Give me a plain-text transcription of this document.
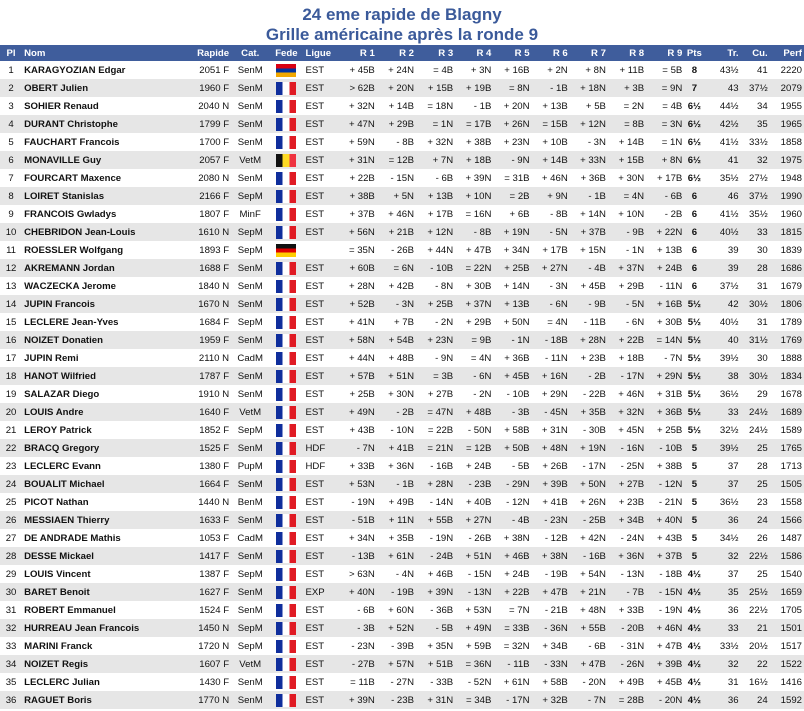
24 eme rapide de Blagny
Grille américaine après la ronde 9
Pl	Nom	Rapide	Cat.	Fede	Ligue	R 1	R 2	R 3	R 4	R 5	R 6	R 7	R 8	R 9	Pts	Tr.	Cu.	Perf
1	KARAGYOZIAN Edgar	2051 F	SenM		EST	+ 45B	+ 24N	= 4B	+ 3N	+ 16B	+ 2N	+ 8N	+ 11B	= 5B	8	43½	41	2220
2	OBERT Julien	1960 F	SenM		EST	> 62B	+ 20N	+ 15B	+ 19B	= 8N	- 1B	+ 18N	+ 3B	= 9N	7	43	37½	2079
3	SOHIER Renaud	2040 N	SenM		EST	+ 32N	+ 14B	= 18N	- 1B	+ 20N	+ 13B	+ 5B	= 2N	= 4B	6½	44½	34	1955
4	DURANT Christophe	1799 F	SenM		EST	+ 47N	+ 29B	= 1N	= 17B	+ 26N	= 15B	+ 12N	= 8B	= 3N	6½	42½	35	1965
5	FAUCHART Francois	1700 F	SenM		EST	+ 59N	- 8B	+ 32N	+ 38B	+ 23N	+ 10B	- 3N	+ 14B	= 1N	6½	41½	33½	1858
6	MONAVILLE Guy	2057 F	VetM		EST	+ 31N	= 12B	+ 7N	+ 18B	- 9N	+ 14B	+ 33N	+ 15B	+ 8N	6½	41	32	1975
7	FOURCART Maxence	2080 N	SenM		EST	+ 22B	- 15N	- 6B	+ 39N	= 31B	+ 46N	+ 36B	+ 30N	+ 17B	6½	35½	27½	1948
8	LOIRET Stanislas	2166 F	SepM		EST	+ 38B	+ 5N	+ 13B	+ 10N	= 2B	+ 9N	- 1B	= 4N	- 6B	6	46	37½	1990
9	FRANCOIS Gwladys	1807 F	MinF		EST	+ 37B	+ 46N	+ 17B	= 16N	+ 6B	- 8B	+ 14N	+ 10N	- 2B	6	41½	35½	1960
10	CHEBRIDON Jean-Louis	1610 N	SepM		EST	+ 56N	+ 21B	+ 12N	- 8B	+ 19N	- 5N	+ 37B	- 9B	+ 22N	6	40½	33	1815
11	ROESSLER Wolfgang	1893 F	SepM			= 35N	- 26B	+ 44N	+ 47B	+ 34N	+ 17B	+ 15N	- 1N	+ 13B	6	39	30	1839
12	AKREMANN Jordan	1688 F	SenM		EST	+ 60B	= 6N	- 10B	= 22N	+ 25B	+ 27N	- 4B	+ 37N	+ 24B	6	39	28	1686
13	WACZECKA Jerome	1840 N	SenM		EST	+ 28N	+ 42B	- 8N	+ 30B	+ 14N	- 3N	+ 45B	+ 29B	- 11N	6	37½	31	1679
14	JUPIN Francois	1670 N	SenM		EST	+ 52B	- 3N	+ 25B	+ 37N	+ 13B	- 6N	- 9B	- 5N	+ 16B	5½	42	30½	1806
15	LECLERE Jean-Yves	1684 F	SepM		EST	+ 41N	+ 7B	- 2N	+ 29B	+ 50N	= 4N	- 11B	- 6N	+ 30B	5½	40½	31	1789
16	NOIZET Donatien	1959 F	SenM		EST	+ 58N	+ 54B	+ 23N	= 9B	- 1N	- 18B	+ 28N	+ 22B	= 14N	5½	40	31½	1769
17	JUPIN Remi	2110 N	CadM		EST	+ 44N	+ 48B	- 9N	= 4N	+ 36B	- 11N	+ 23B	+ 18B	- 7N	5½	39½	30	1888
18	HANOT Wilfried	1787 F	SenM		EST	+ 57B	+ 51N	= 3B	- 6N	+ 45B	+ 16N	- 2B	- 17N	+ 29N	5½	38	30½	1834
19	SALAZAR Diego	1910 N	SenM		EST	+ 25B	+ 30N	+ 27B	- 2N	- 10B	+ 29N	- 22B	+ 46N	+ 31B	5½	36½	29	1678
20	LOUIS Andre	1640 F	VetM		EST	+ 49N	- 2B	= 47N	+ 48B	- 3B	- 45N	+ 35B	+ 32N	+ 36B	5½	33	24½	1689
21	LEROY Patrick	1852 F	SepM		EST	+ 43B	- 10N	= 22B	- 50N	+ 58B	+ 31N	- 30B	+ 45N	+ 25B	5½	32½	24½	1589
22	BRACQ Gregory	1525 F	SenM		HDF	- 7N	+ 41B	= 21N	= 12B	+ 50B	+ 48N	+ 19N	- 16N	- 10B	5	39½	25	1765
23	LECLERC Evann	1380 F	PupM		HDF	+ 33B	+ 36N	- 16B	+ 24B	- 5B	+ 26B	- 17N	- 25N	+ 38B	5	37	28	1713
24	BOUALIT Michael	1664 F	SenM		EST	+ 53N	- 1B	+ 28N	- 23B	- 29N	+ 39B	+ 50N	+ 27B	- 12N	5	37	25	1505
25	PICOT Nathan	1440 N	BenM		EST	- 19N	+ 49B	- 14N	+ 40B	- 12N	+ 41B	+ 26N	+ 23B	- 21N	5	36½	23	1558
26	MESSIAEN Thierry	1633 F	SenM		EST	- 51B	+ 11N	+ 55B	+ 27N	- 4B	- 23N	- 25B	+ 34B	+ 40N	5	36	24	1566
27	DE ANDRADE Mathis	1053 F	CadM		EST	+ 34N	+ 35B	- 19N	- 26B	+ 38N	- 12B	+ 42N	- 24N	+ 43B	5	34½	26	1487
28	DESSE Mickael	1417 F	SenM		EST	- 13B	+ 61N	- 24B	+ 51N	+ 46B	+ 38N	- 16B	+ 36N	+ 37B	5	32	22½	1586
29	LOUIS Vincent	1387 F	SepM		EST	> 63N	- 4N	+ 46B	- 15N	+ 24B	- 19B	+ 54N	- 13N	- 18B	4½	37	25	1540
30	BARET Benoit	1627 F	SenM		EXP	+ 40N	- 19B	+ 39N	- 13N	+ 22B	+ 47B	+ 21N	- 7B	- 15N	4½	35	25½	1659
31	ROBERT Emmanuel	1524 F	SenM		EST	- 6B	+ 60N	- 36B	+ 53N	= 7N	- 21B	+ 48N	+ 33B	- 19N	4½	36	22½	1705
32	HURREAU Jean Francois	1450 N	SepM		EST	- 3B	+ 52N	- 5B	+ 49N	= 33B	- 36N	+ 55B	- 20B	+ 46N	4½	33	21	1501
33	MARINI Franck	1720 N	SepM		EST	- 23N	- 39B	+ 35N	+ 59B	= 32N	+ 34B	- 6B	- 31N	+ 47B	4½	33½	20½	1517
34	NOIZET Regis	1607 F	VetM		EST	- 27B	+ 57N	+ 51B	= 36N	- 11B	- 33N	+ 47B	- 26N	+ 39B	4½	32	22	1522
35	LECLERC Julian	1430 F	SenM		EST	= 11B	- 27N	- 33B	- 52N	+ 61N	+ 58B	- 20N	+ 49B	+ 45B	4½	31	16½	1416
36	RAGUET Boris	1770 N	SenM		EST	+ 39N	- 23B	+ 31N	= 34B	- 17N	+ 32B	- 7N	= 28B	- 20N	4½	36	24	1592
